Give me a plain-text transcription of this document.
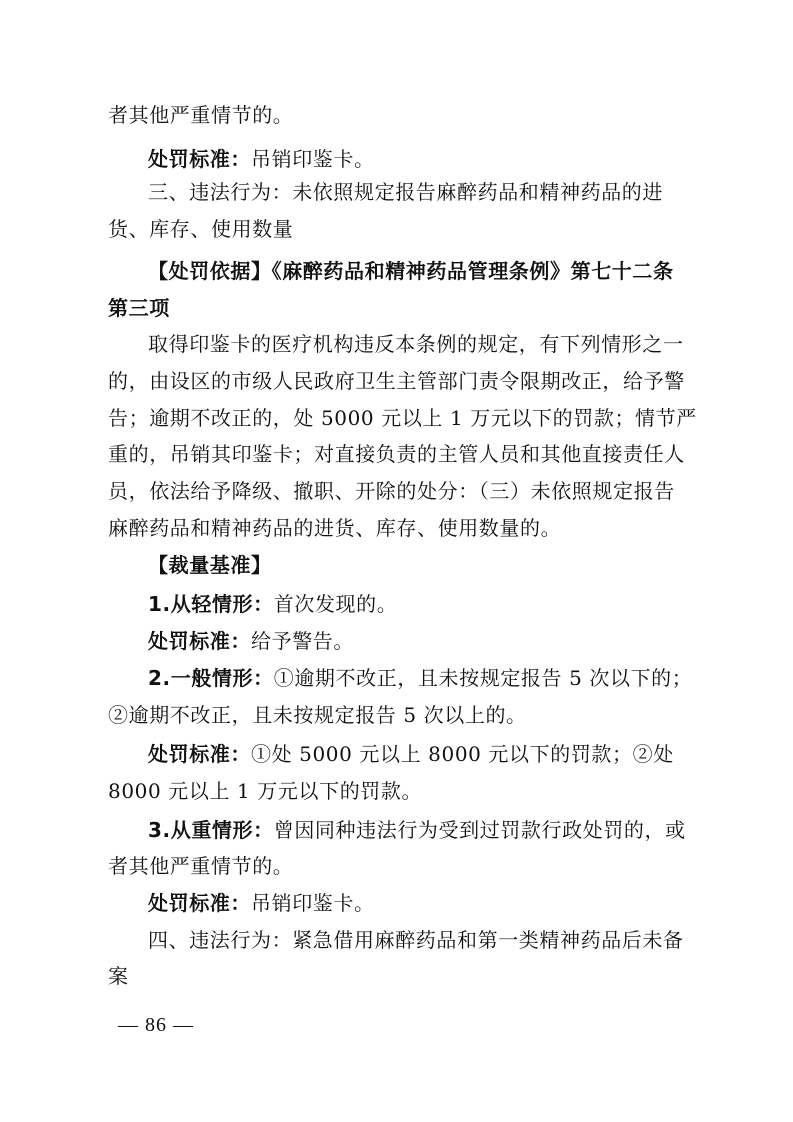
者其他严重情节的。
处罚标准：吊销印鉴卡。
三、违法行为：未依照规定报告麻醉药品和精神药品的进
货、库存、使用数量
【处罚依据】《麻醉药品和精神药品管理条例》第七十二条
第三项
取得印鉴卡的医疗机构违反本条例的规定，有下列情形之一
的，由设区的市级人民政府卫生主管部门责令限期改正，给予警
告；逾期不改正的，处 5000 元以上 1 万元以下的罚款；情节严
重的，吊销其印鉴卡；对直接负责的主管人员和其他直接责任人
员，依法给予降级、撤职、开除的处分：（三）未依照规定报告
麻醉药品和精神药品的进货、库存、使用数量的。
【裁量基准】
1.从轻情形：首次发现的。
处罚标准：给予警告。
2.一般情形：①逾期不改正，且未按规定报告 5 次以下的；
②逾期不改正，且未按规定报告 5 次以上的。
处罚标准：①处 5000 元以上 8000 元以下的罚款；②处
8000 元以上 1 万元以下的罚款。
3.从重情形：曾因同种违法行为受到过罚款行政处罚的，或
者其他严重情节的。
处罚标准：吊销印鉴卡。
四、违法行为：紧急借用麻醉药品和第一类精神药品后未备
案
— 86 —
